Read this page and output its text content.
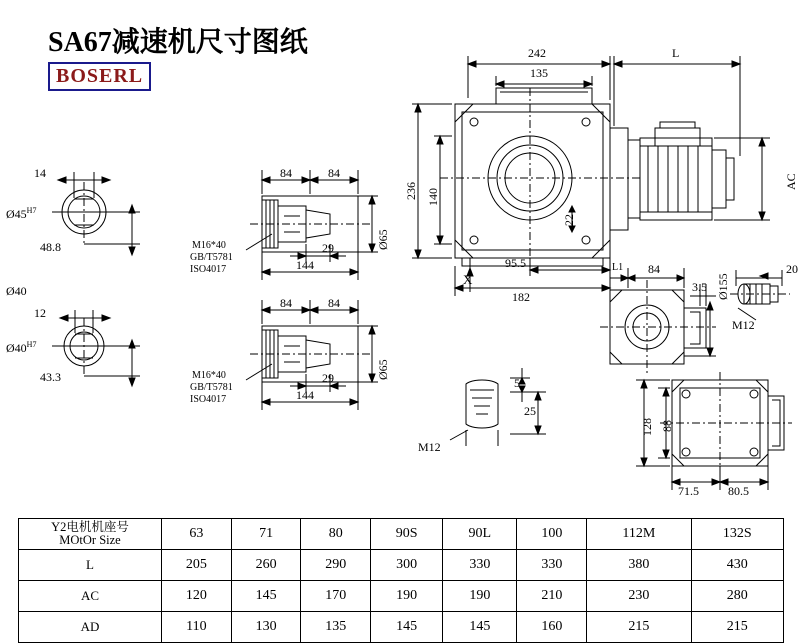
SA67减速机尺寸图纸
BOSERL
242	L
135
236 140
22
X
95.5
182
AC
84	84
29
144
Ø65
M16*40
GB/T5781
ISO4017
84	84
29
144
Ø65
M16*40
GB/T5781
ISO4017
14
$Ø45^{H7}$
48.8
Ø40
12
$Ø40^{H7}$
43.3
L1 84
3.5 Ø155
20
M12
5
25
M12
128 88
71.5 80.5
Y2电机机座号
MOtOr Size	63	71	80	90S	90L	100	112M	132S
L	205	260	290	300	330	330	380	430
AC	120	145	170	190	190	210	230	280
AD	110	130	135	145	145	160	215	215
